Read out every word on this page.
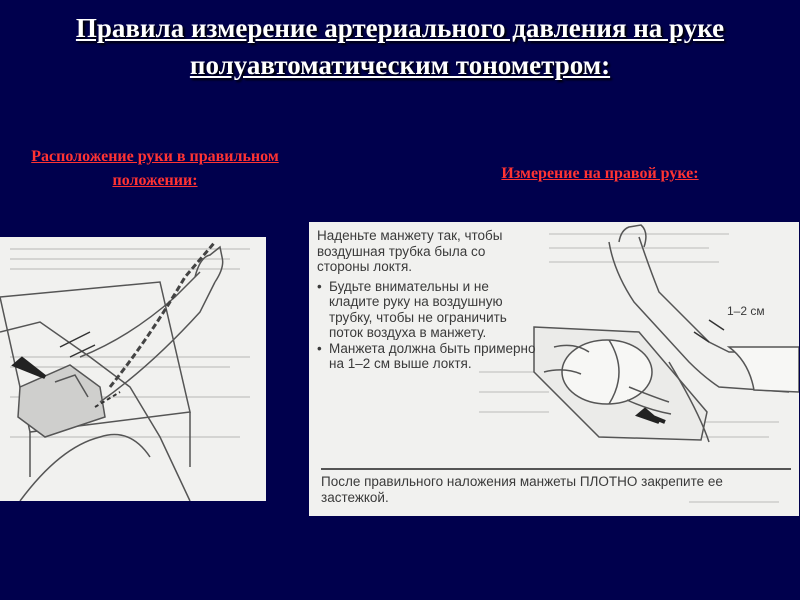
Правила измерение артериального давления на руке полуавтоматическим тонометром:
Расположение руки в правильном положении:	Измерение на правой руке:
Наденьте манжету так, чтобы воздушная трубка была со стороны локтя.
• Будьте внимательны и не кладите руку на воздушную трубку, чтобы не ограничить поток воздуха в манжету.
• Манжета должна быть примерно на 1–2 см выше локтя.
1–2 см
После правильного наложения манжеты ПЛОТНО закрепите ее застежкой.
